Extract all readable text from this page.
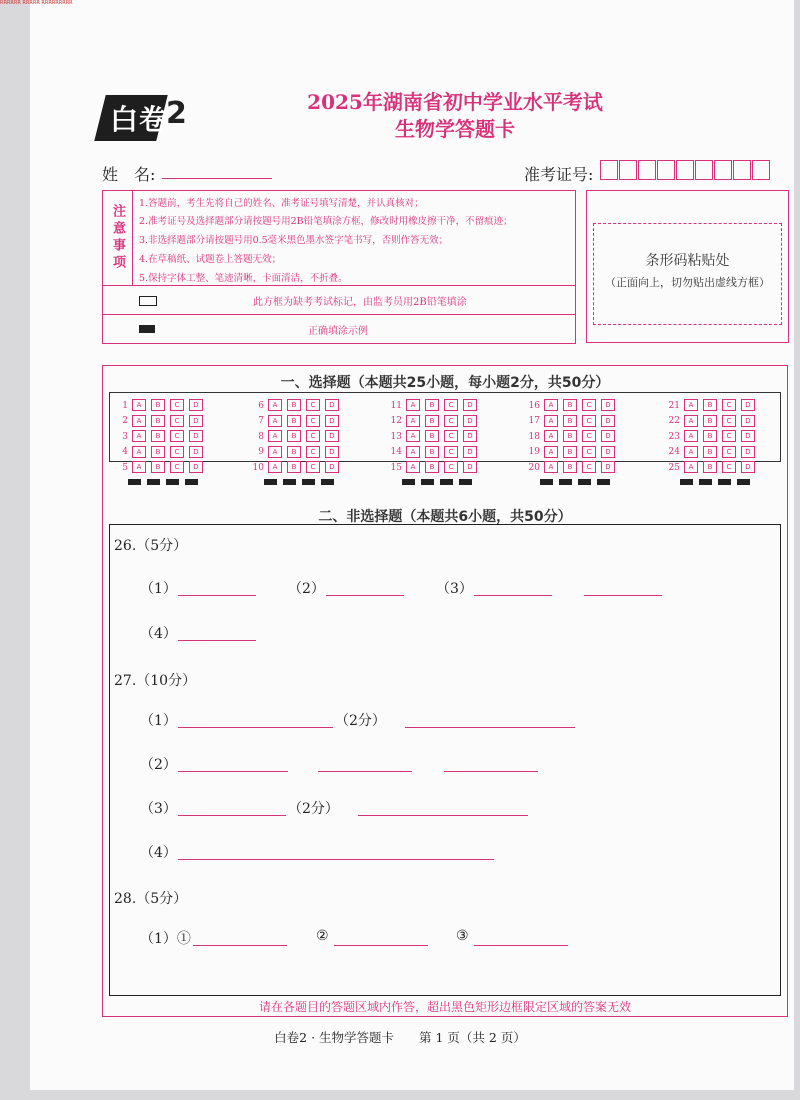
RRRRRR RRRRR RRRRRRRRR
白卷
2	2025年湖南省初中学业水平考试
生物学答题卡
姓　名:	准考证号:
注意事项
1.答题前，考生先将自己的姓名、准考证号填写清楚，并认真核对；
2.准考证号及选择题部分请按题号用2B铅笔填涂方框，修改时用橡皮擦干净，不留痕迹；
3.非选择题部分请按题号用0.5毫米黑色墨水签字笔书写，否则作答无效；
4.在草稿纸、试题卷上答题无效；
5.保持字体工整、笔迹清晰，卡面清洁，不折叠。
此方框为缺考考试标记，由监考员用2B铅笔填涂
正确填涂示例
条形码粘贴处
（正面向上，切勿贴出虚线方框）
一、选择题（本题共25小题，每小题2分，共50分）
1 A B C D
2 A B C D
3 A B C D
4 A B C D
5 A B C D
6 A B C D
7 A B C D
8 A B C D
9 A B C D
10 A B C D
11 A B C D
12 A B C D
13 A B C D
14 A B C D
15 A B C D
16 A B C D
17 A B C D
18 A B C D
19 A B C D
20 A B C D
21 A B C D
22 A B C D
23 A B C D
24 A B C D
25 A B C D
二、非选择题（本题共6小题，共50分）
26.（5分）
（1）	（2）	（3）
（4）
27.（10分）
（1）	（2分）
（2）
（3）	（2分）
（4）
28.（5分）
（1）①	②	③
请在各题目的答题区域内作答，超出黑色矩形边框限定区域的答案无效
白卷2 · 生物学答题卡　　第 1 页（共 2 页）
